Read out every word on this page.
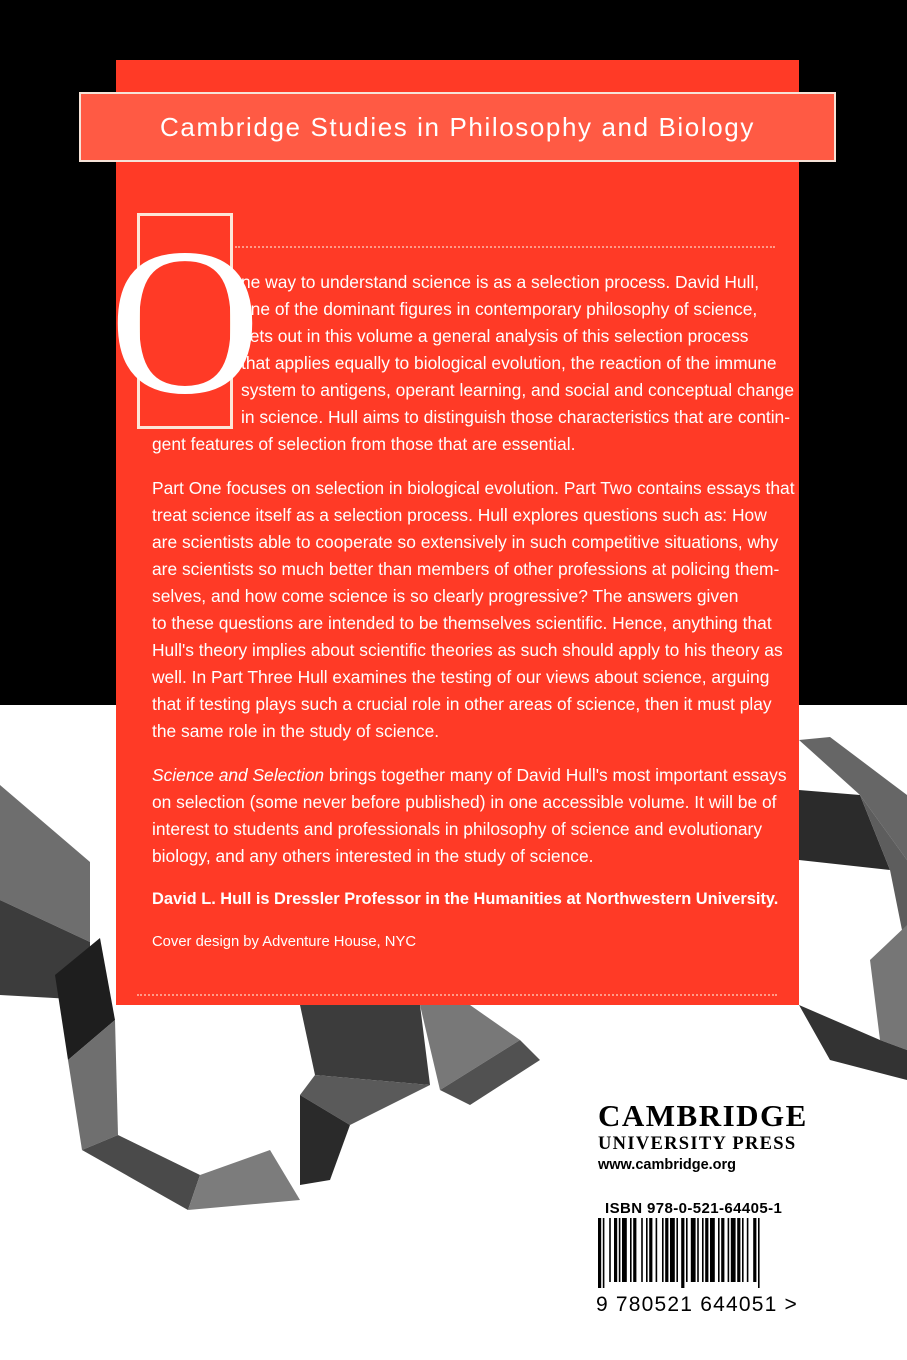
Cambridge Studies in Philosophy and Biology
O
ne way to understand science is as a selection process. David Hull,
one of the dominant figures in contemporary philosophy of science,
sets out in this volume a general analysis of this selection process
that applies equally to biological evolution, the reaction of the immune
system to antigens, operant learning, and social and conceptual change
in science. Hull aims to distinguish those characteristics that are contin-
gent features of selection from those that are essential.
Part One focuses on selection in biological evolution. Part Two contains essays that
treat science itself as a selection process. Hull explores questions such as: How
are scientists able to cooperate so extensively in such competitive situations, why
are scientists so much better than members of other professions at policing them-
selves, and how come science is so clearly progressive? The answers given
to these questions are intended to be themselves scientific. Hence, anything that
Hull's theory implies about scientific theories as such should apply to his theory as
well. In Part Three Hull examines the testing of our views about science, arguing
that if testing plays such a crucial role in other areas of science, then it must play
the same role in the study of science.
Science and Selection brings together many of David Hull's most important essays
on selection (some never before published) in one accessible volume. It will be of
interest to students and professionals in philosophy of science and evolutionary
biology, and any others interested in the study of science.
David L. Hull is Dressler Professor in the Humanities at Northwestern University.
Cover design by Adventure House, NYC
CAMBRIDGE
UNIVERSITY PRESS
www.cambridge.org
ISBN 978-0-521-64405-1
9 780521 644051 >
